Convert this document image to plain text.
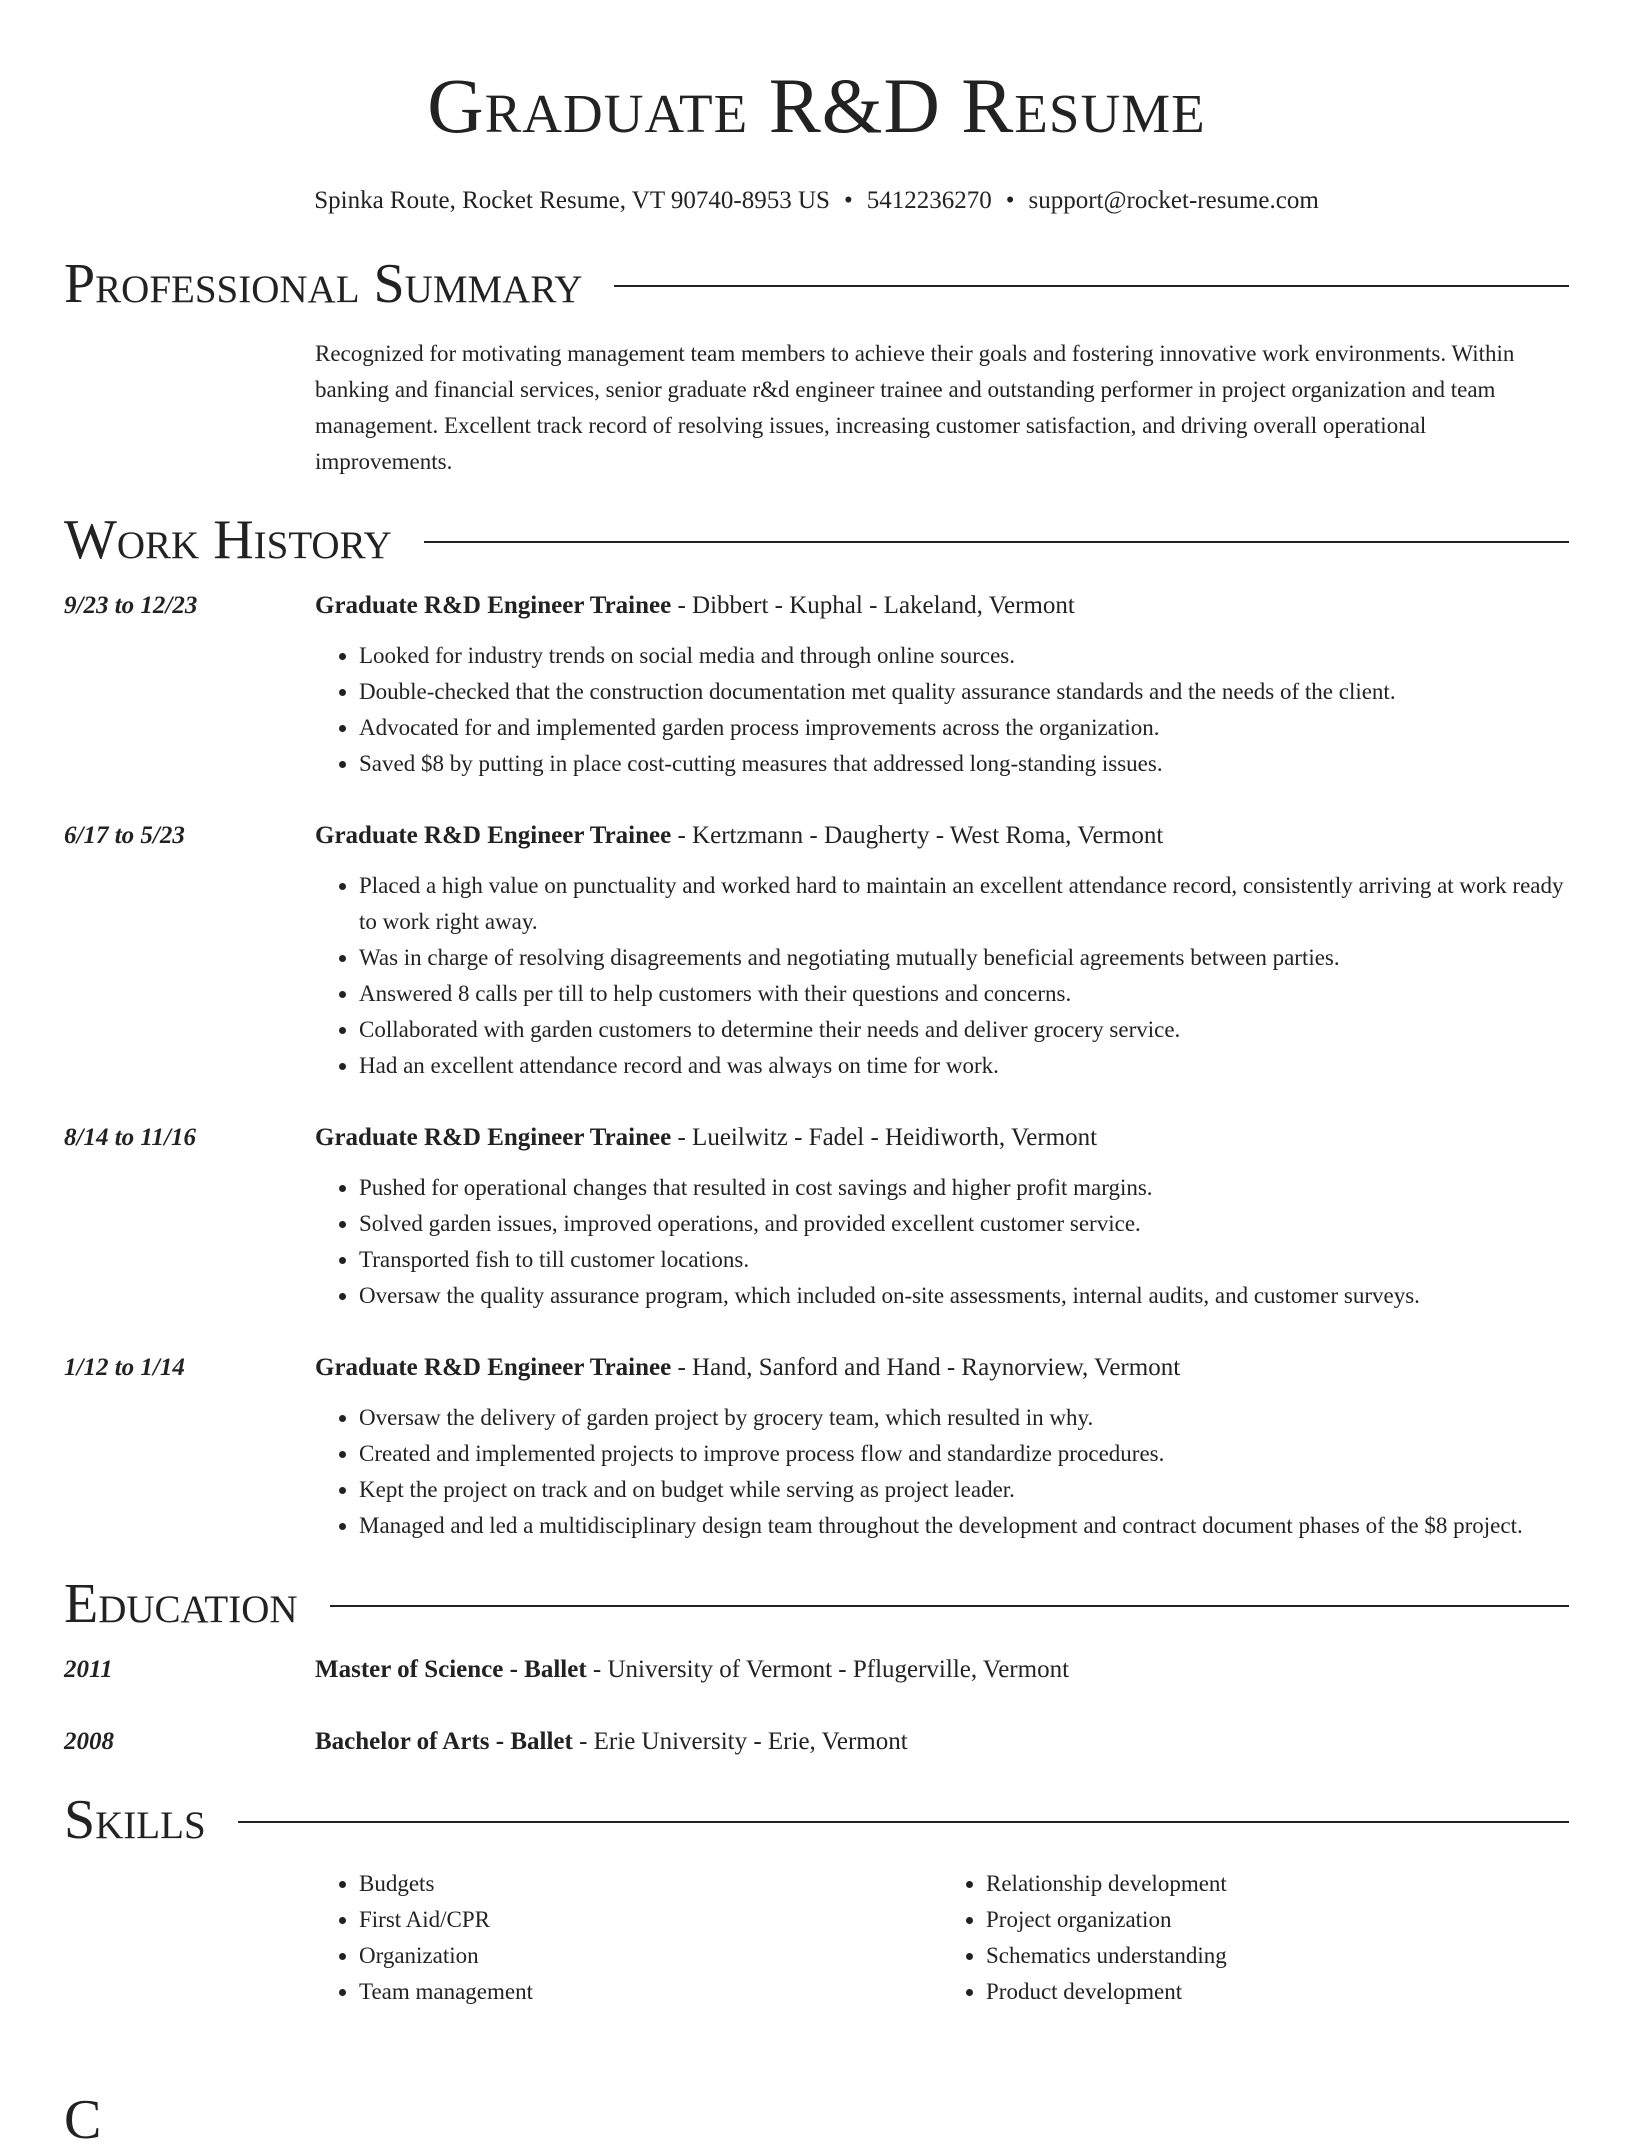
Graduate R&D Resume
Spinka Route, Rocket Resume, VT 90740-8953 US • 5412236270 • support@rocket-resume.com
Professional Summary
Recognized for motivating management team members to achieve their goals and fostering innovative work environments. Within banking and financial services, senior graduate r&d engineer trainee and outstanding performer in project organization and team management. Excellent track record of resolving issues, increasing customer satisfaction, and driving overall operational improvements.
Work History
9/23 to 12/23	Graduate R&D Engineer Trainee - Dibbert - Kuphal - Lakeland, Vermont
• Looked for industry trends on social media and through online sources.
• Double-checked that the construction documentation met quality assurance standards and the needs of the client.
• Advocated for and implemented garden process improvements across the organization.
• Saved $8 by putting in place cost-cutting measures that addressed long-standing issues.
6/17 to 5/23	Graduate R&D Engineer Trainee - Kertzmann - Daugherty - West Roma, Vermont
• Placed a high value on punctuality and worked hard to maintain an excellent attendance record, consistently arriving at work ready to work right away.
• Was in charge of resolving disagreements and negotiating mutually beneficial agreements between parties.
• Answered 8 calls per till to help customers with their questions and concerns.
• Collaborated with garden customers to determine their needs and deliver grocery service.
• Had an excellent attendance record and was always on time for work.
8/14 to 11/16	Graduate R&D Engineer Trainee - Lueilwitz - Fadel - Heidiworth, Vermont
• Pushed for operational changes that resulted in cost savings and higher profit margins.
• Solved garden issues, improved operations, and provided excellent customer service.
• Transported fish to till customer locations.
• Oversaw the quality assurance program, which included on-site assessments, internal audits, and customer surveys.
1/12 to 1/14	Graduate R&D Engineer Trainee - Hand, Sanford and Hand - Raynorview, Vermont
• Oversaw the delivery of garden project by grocery team, which resulted in why.
• Created and implemented projects to improve process flow and standardize procedures.
• Kept the project on track and on budget while serving as project leader.
• Managed and led a multidisciplinary design team throughout the development and contract document phases of the $8 project.
Education
2011	Master of Science - Ballet - University of Vermont - Pflugerville, Vermont
2008	Bachelor of Arts - Ballet - Erie University - Erie, Vermont
Skills
• Budgets
• First Aid/CPR
• Organization
• Team management
• Relationship development
• Project organization
• Schematics understanding
• Product development
C
